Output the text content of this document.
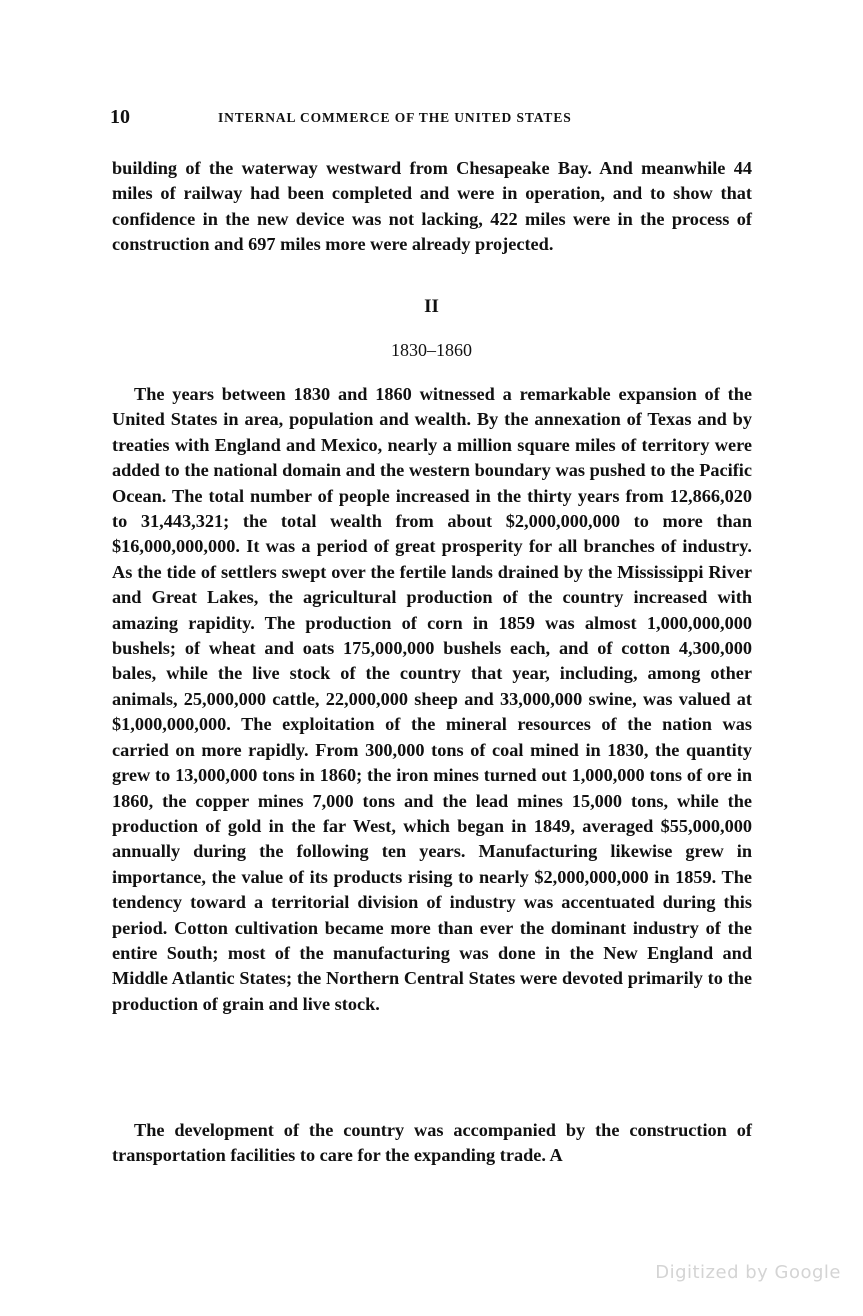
10	INTERNAL COMMERCE OF THE UNITED STATES

building of the waterway westward from Chesapeake Bay. And meanwhile 44 miles of railway had been completed and were in operation, and to show that confidence in the new device was not lacking, 422 miles were in the process of construction and 697 miles more were already projected.

II
1830–1860

The years between 1830 and 1860 witnessed a remarkable expansion of the United States in area, population and wealth. By the annexation of Texas and by treaties with England and Mexico, nearly a million square miles of territory were added to the national domain and the western boundary was pushed to the Pacific Ocean. The total number of people increased in the thirty years from 12,866,020 to 31,443,321; the total wealth from about $2,000,000,000 to more than $16,000,000,000. It was a period of great prosperity for all branches of industry. As the tide of settlers swept over the fertile lands drained by the Mississippi River and Great Lakes, the agricultural production of the country increased with amazing rapidity. The production of corn in 1859 was almost 1,000,000,000 bushels; of wheat and oats 175,000,000 bushels each, and of cotton 4,300,000 bales, while the live stock of the country that year, including, among other animals, 25,000,000 cattle, 22,000,000 sheep and 33,000,000 swine, was valued at $1,000,000,000. The exploitation of the mineral resources of the nation was carried on more rapidly. From 300,000 tons of coal mined in 1830, the quantity grew to 13,000,000 tons in 1860; the iron mines turned out 1,000,000 tons of ore in 1860, the copper mines 7,000 tons and the lead mines 15,000 tons, while the production of gold in the far West, which began in 1849, averaged $55,000,000 annually during the following ten years. Manufacturing likewise grew in importance, the value of its products rising to nearly $2,000,000,000 in 1859. The tendency toward a territorial division of industry was accentuated during this period. Cotton cultivation became more than ever the dominant industry of the entire South; most of the manufacturing was done in the New England and Middle Atlantic States; the Northern Central States were devoted primarily to the production of grain and live stock.

The development of the country was accompanied by the construction of transportation facilities to care for the expanding trade. A

Digitized by Google
